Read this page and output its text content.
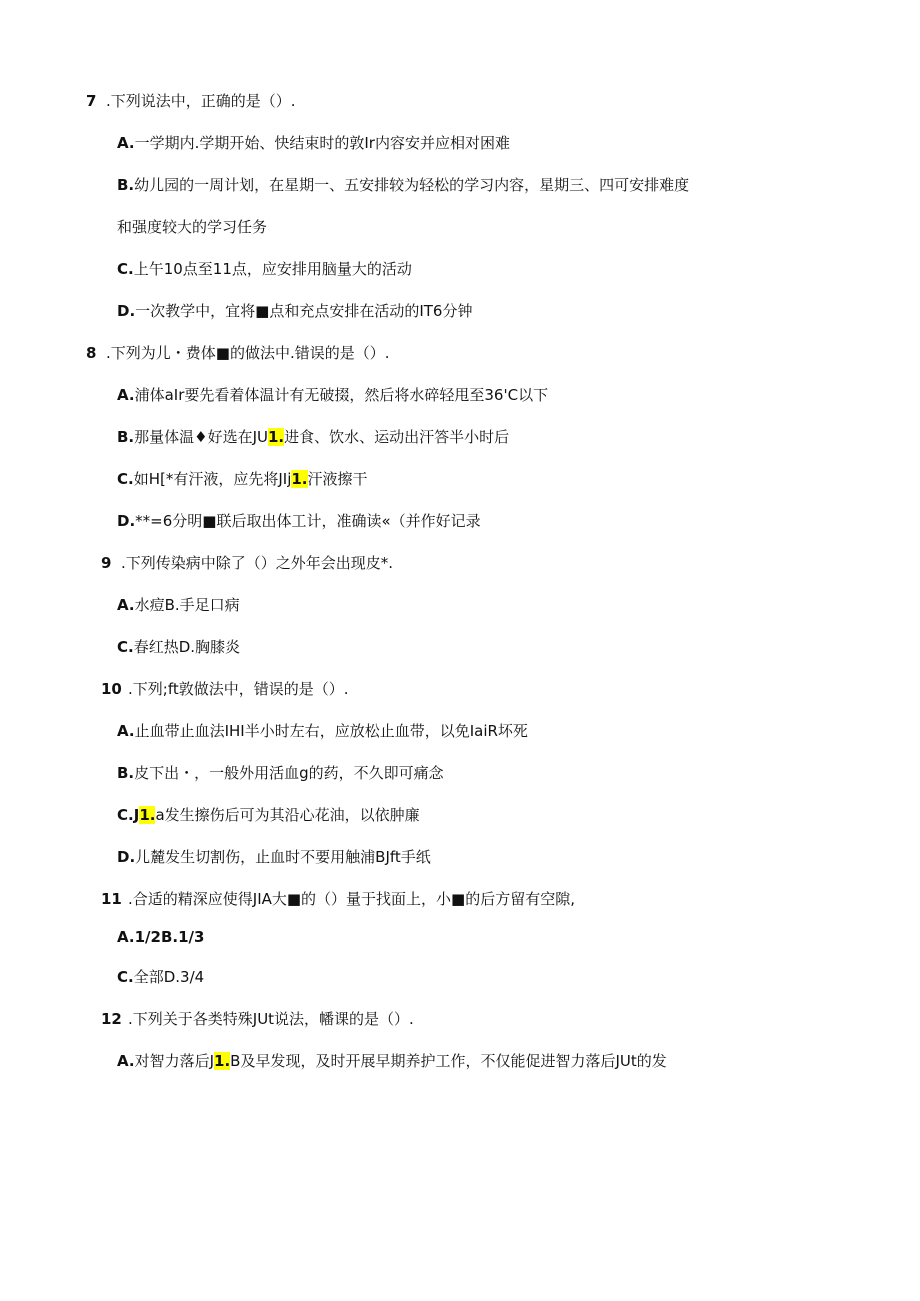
7 .下列说法中，正确的是（）.
A.一学期内.学期开始、快结束时的敦Ir内容安并应相对困难
B.幼儿园的一周计划，在星期一、五安排较为轻松的学习内容，星期三、四可安排难度
和强度较大的学习任务
C.上午10点至11点，应安排用脑量大的活动
D.一次教学中，宜将■点和充点安排在活动的IT6分钟
8 .下列为儿・费体■的做法中.错误的是（）.
A.浦体aIr要先看着体温计有无破掇，然后将水碎轻甩至36'C以下
B.那量体温♦好选在JU1.进食、饮水、运动出汗答半小时后
C.如H[*有汗液，应先将JIj1.汗液擦干
D.**=6分明■联后取出体工计，准确读«（并作好记录
9 .下列传染病中除了（）之外年会出现皮*.
A.水痘B.手足口病
C.春红热D.胸膝炎
10 .下列;ft敦做法中，错误的是（）.
A.止血带止血法IHI半小时左右，应放松止血带，以免IaiR坏死
B.皮下出・，一般外用活血g的药，不久即可痛念
C.J1.a发生擦伤后可为其沿心花油，以依肿廉
D.儿麓发生切割伤，止血时不要用触浦BJft手纸
11 .合适的精深应使得JIA大■的（）量于找面上，小■的后方留有空隙,
A.1/2B.1/3
C.全部D.3/4
12 .下列关于各类特殊JUt说法，幡课的是（）.
A.对智力落后J1.B及早发现，及时开展早期养护工作，不仅能促进智力落后JUt的发
